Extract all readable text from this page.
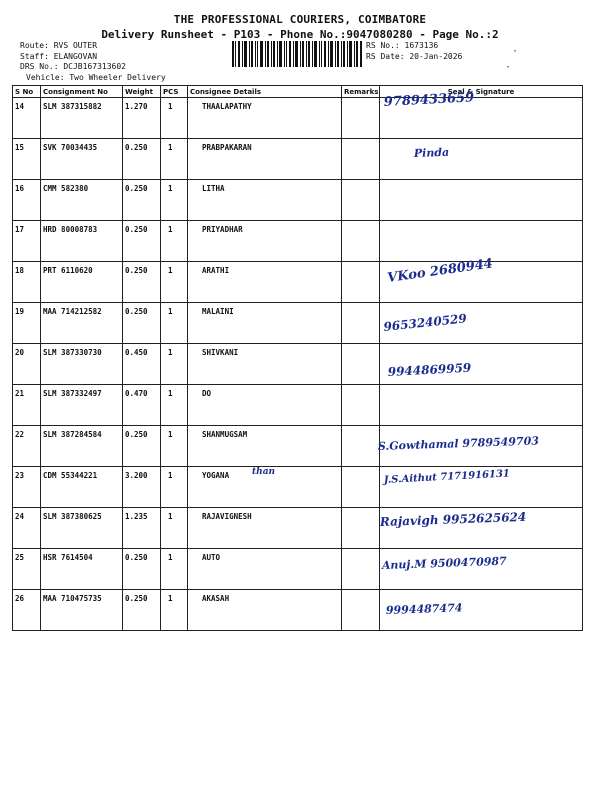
THE PROFESSIONAL COURIERS, COIMBATORE
Delivery Runsheet - P103 - Phone No.:9047080280 - Page No.:2
Route: RVS OUTER
Staff: ELANGOVAN
DRS No.: DCJB167313602
Vehicle: Two Wheeler Delivery
RS No.: 1673136
RS Date: 20-Jan-2026
·
·
S No	Consignment No	Weight	PCS	Consignee Details	Remarks	Seal & Signature

14	SLM 387315882	1.270	1	THAALAPATHY		9789433659

15	SVK 70034435	0.250	1	PRABPAKARAN		Pinda

16	CMM 582380	0.250	1	LITHA		

17	HRD 80008783	0.250	1	PRIYADHAR		

18	PRT 6110620	0.250	1	ARATHI		VKoo 2680944

19	MAA 714212582	0.250	1	MALAINI		9653240529

20	SLM 387330730	0.450	1	SHIVKANI		9944869959

21	SLM 387332497	0.470	1	DO		

22	SLM 387284584	0.250	1	SHANMUGSAM		S.Gowthamal 9789549703

23	CDM 55344221	3.200	1	YOGANA than		J.S.Aithut 7171916131

24	SLM 387380625	1.235	1	RAJAVIGNESH		Rajavigh 9952625624

25	HSR 7614504	0.250	1	AUTO		Anuj.M 9500470987

26	MAA 710475735	0.250	1	AKASAH		9994487474
